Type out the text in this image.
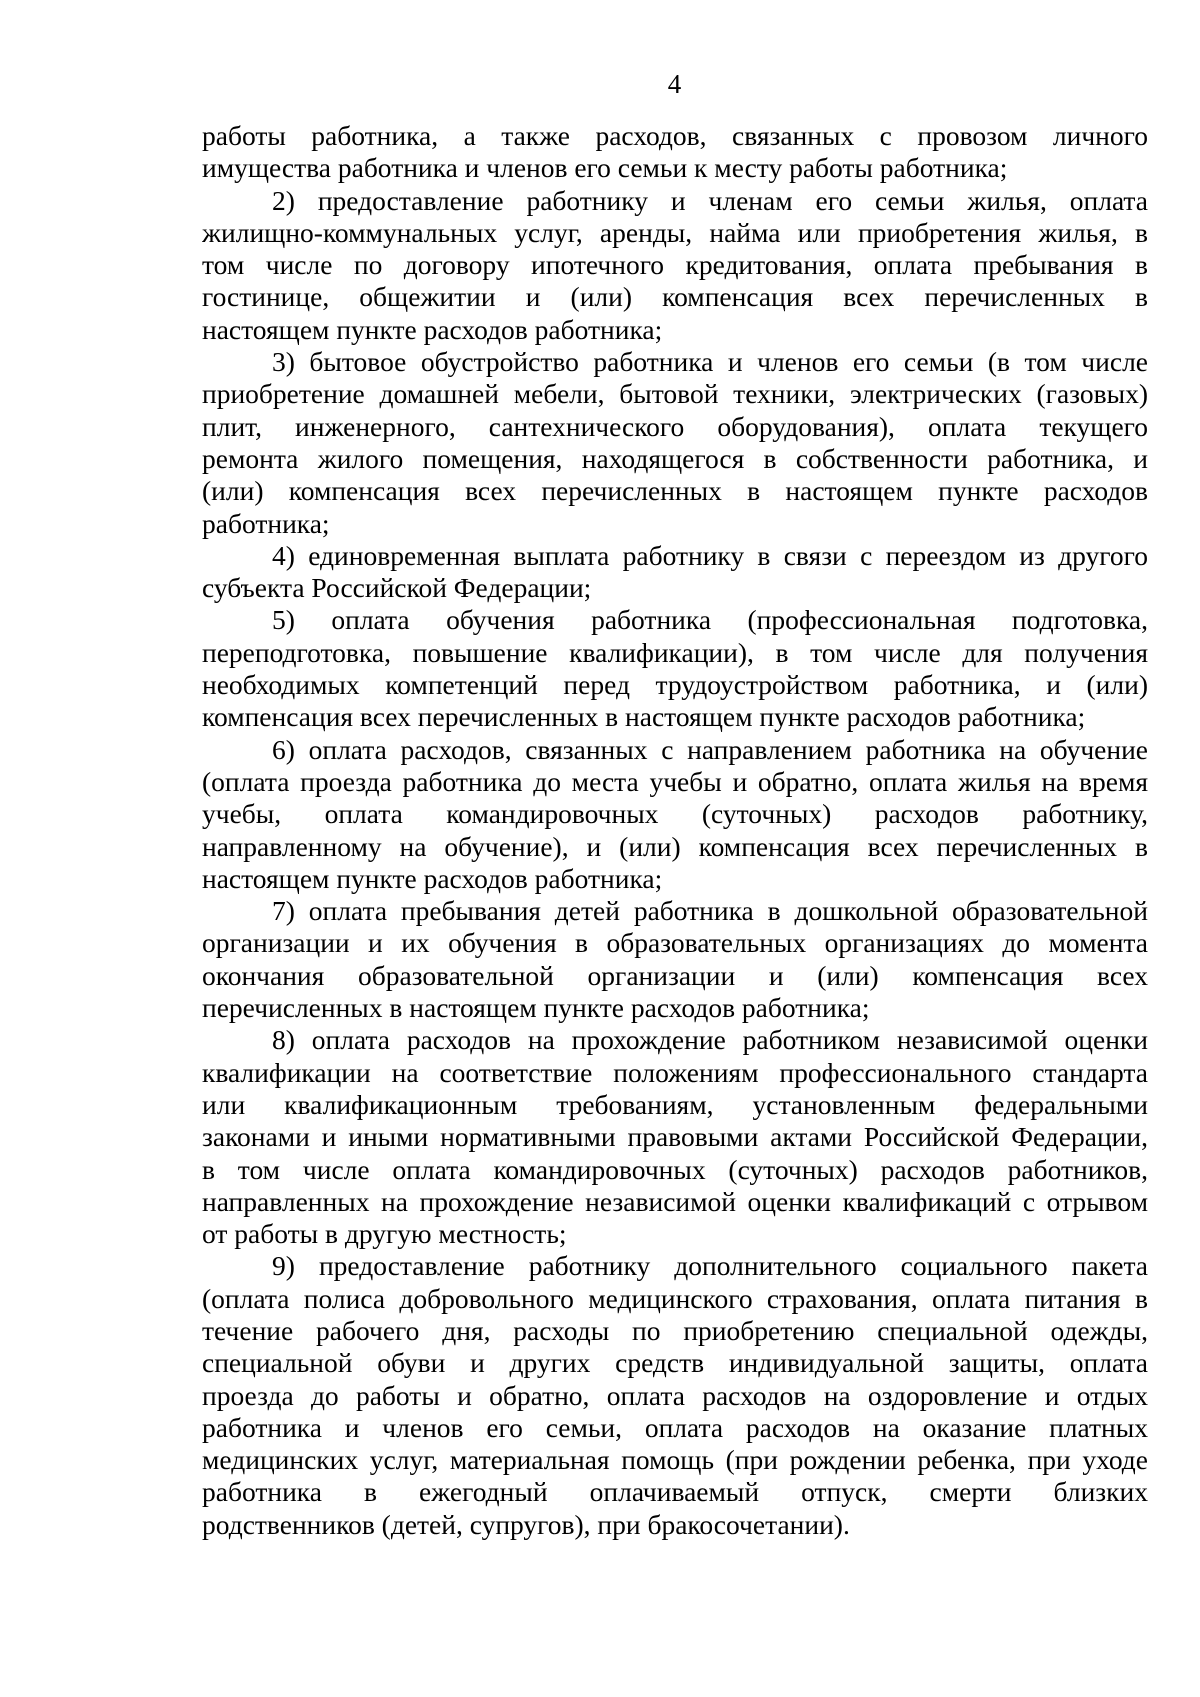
4
работы работника, а также расходов, связанных с провозом личного
имущества работника и членов его семьи к месту работы работника;
2) предоставление работнику и членам его семьи жилья, оплата
жилищно-коммунальных услуг, аренды, найма или приобретения жилья, в
том числе по договору ипотечного кредитования, оплата пребывания в
гостинице, общежитии и (или) компенсация всех перечисленных в
настоящем пункте расходов работника;
3) бытовое обустройство работника и членов его семьи (в том числе
приобретение домашней мебели, бытовой техники, электрических (газовых)
плит, инженерного, сантехнического оборудования), оплата текущего
ремонта жилого помещения, находящегося в собственности работника, и
(или) компенсация всех перечисленных в настоящем пункте расходов
работника;
4) единовременная выплата работнику в связи с переездом из другого
субъекта Российской Федерации;
5) оплата обучения работника (профессиональная подготовка,
переподготовка, повышение квалификации), в том числе для получения
необходимых компетенций перед трудоустройством работника, и (или)
компенсация всех перечисленных в настоящем пункте расходов работника;
6) оплата расходов, связанных с направлением работника на обучение
(оплата проезда работника до места учебы и обратно, оплата жилья на время
учебы, оплата командировочных (суточных) расходов работнику,
направленному на обучение), и (или) компенсация всех перечисленных в
настоящем пункте расходов работника;
7) оплата пребывания детей работника в дошкольной образовательной
организации и их обучения в образовательных организациях до момента
окончания образовательной организации и (или) компенсация всех
перечисленных в настоящем пункте расходов работника;
8) оплата расходов на прохождение работником независимой оценки
квалификации на соответствие положениям профессионального стандарта
или квалификационным требованиям, установленным федеральными
законами и иными нормативными правовыми актами Российской Федерации,
в том числе оплата командировочных (суточных) расходов работников,
направленных на прохождение независимой оценки квалификаций с отрывом
от работы в другую местность;
9) предоставление работнику дополнительного социального пакета
(оплата полиса добровольного медицинского страхования, оплата питания в
течение рабочего дня, расходы по приобретению специальной одежды,
специальной обуви и других средств индивидуальной защиты, оплата
проезда до работы и обратно, оплата расходов на оздоровление и отдых
работника и членов его семьи, оплата расходов на оказание платных
медицинских услуг, материальная помощь (при рождении ребенка, при уходе
работника в ежегодный оплачиваемый отпуск, смерти близких
родственников (детей, супругов), при бракосочетании).
